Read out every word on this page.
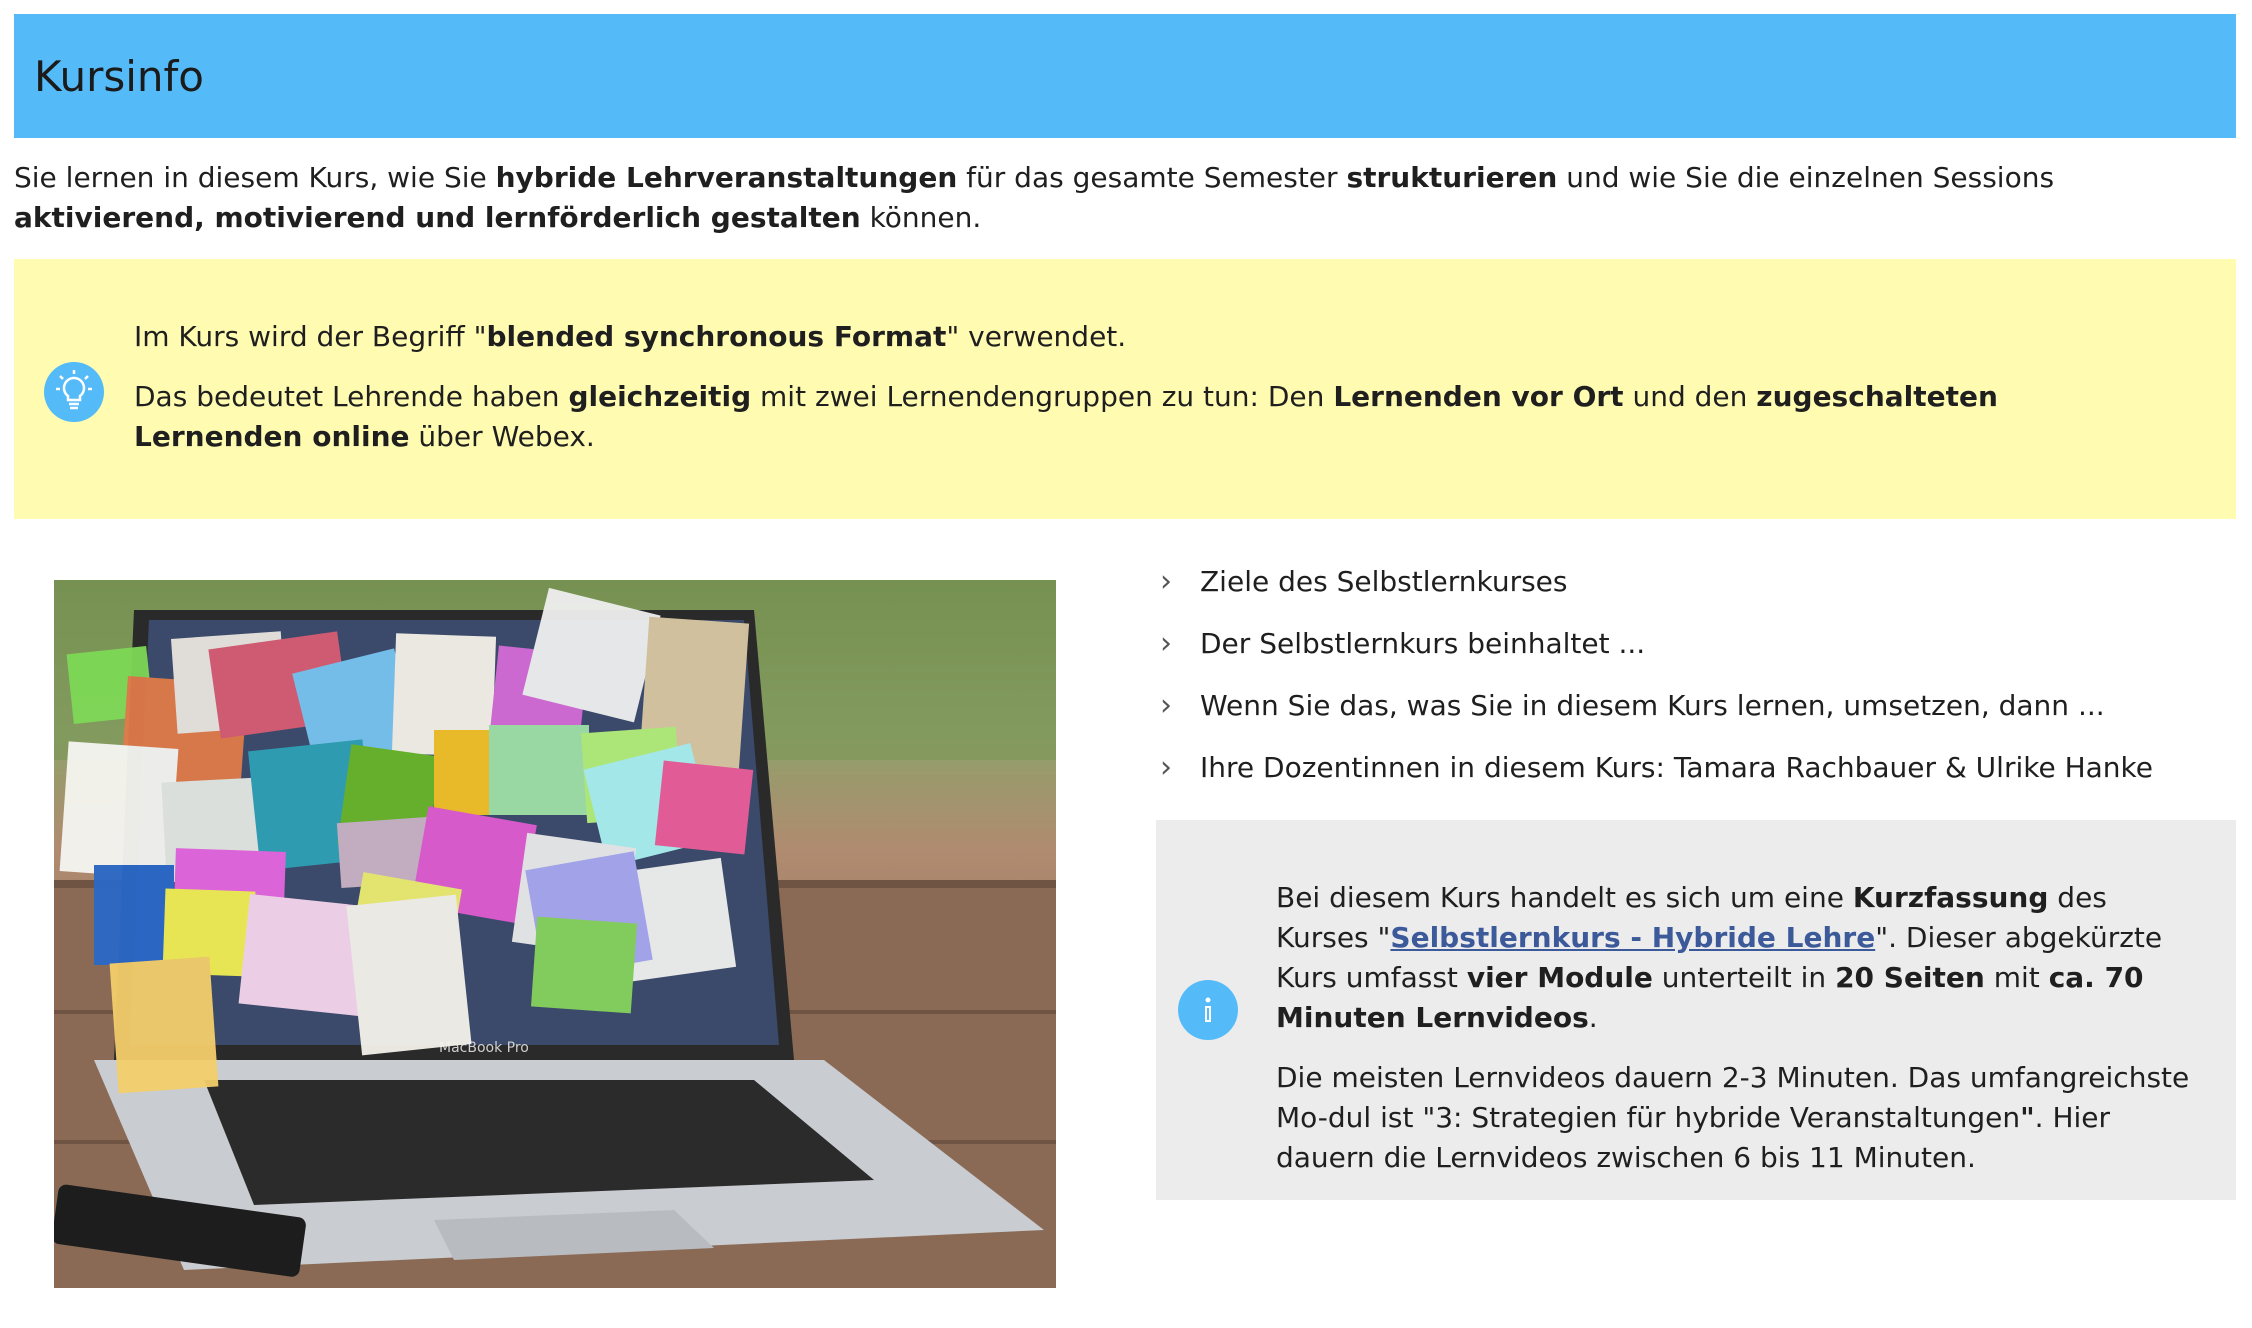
Kursinfo

Sie lernen in diesem Kurs, wie Sie hybride Lehrveranstaltungen für das gesamte Semester strukturieren und wie Sie die einzelnen Sessions aktivierend, motivierend und lernförderlich gestalten können.

Im Kurs wird der Begriff "blended synchronous Format" verwendet.

Das bedeutet Lehrende haben gleichzeitig mit zwei Lernendengruppen zu tun: Den Lernenden vor Ort und den zugeschalteten Lernenden online über Webex.

MacBook Pro
›	Ziele des Selbstlernkurses
›	Der Selbstlernkurs beinhaltet ...
›	Wenn Sie das, was Sie in diesem Kurs lernen, umsetzen, dann ...
›	Ihre Dozentinnen in diesem Kurs: Tamara Rachbauer & Ulrike Hanke

Bei diesem Kurs handelt es sich um eine Kurzfassung des Kurses "Selbstlernkurs - Hybride Lehre". Dieser abgekürzte Kurs umfasst vier Module unterteilt in 20 Seiten mit ca. 70 Minuten Lernvideos.

Die meisten Lernvideos dauern 2-3 Minuten. Das umfangreichste Mo-dul ist "3: Strategien für hybride Veranstaltungen". Hier dauern die Lernvideos zwischen 6 bis 11 Minuten.
